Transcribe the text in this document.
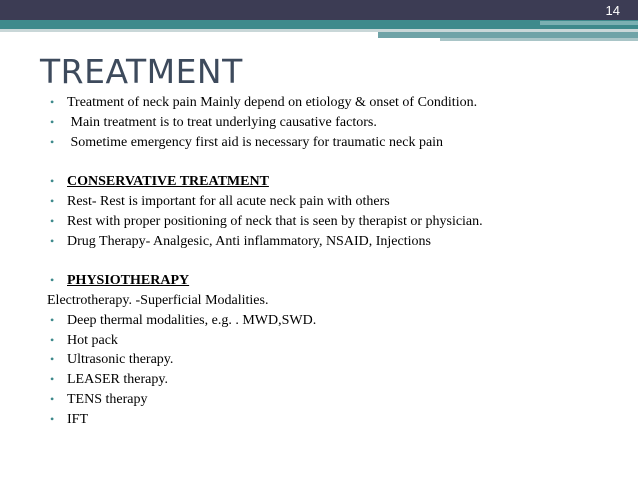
14
TREATMENT
• Treatment of neck pain Mainly depend on etiology & onset of Condition.
• Main treatment is to treat underlying causative factors.
• Sometime emergency first aid is necessary for traumatic neck pain
• CONSERVATIVE TREATMENT
• Rest- Rest is important for all acute neck pain with others
• Rest with proper positioning of neck that is seen by therapist or physician.
• Drug Therapy- Analgesic, Anti inflammatory, NSAID, Injections
• PHYSIOTHERAPY
Electrotherapy. -Superficial Modalities.
• Deep thermal modalities, e.g. . MWD,SWD.
• Hot pack
• Ultrasonic therapy.
• LEASER therapy.
• TENS therapy
• IFT
